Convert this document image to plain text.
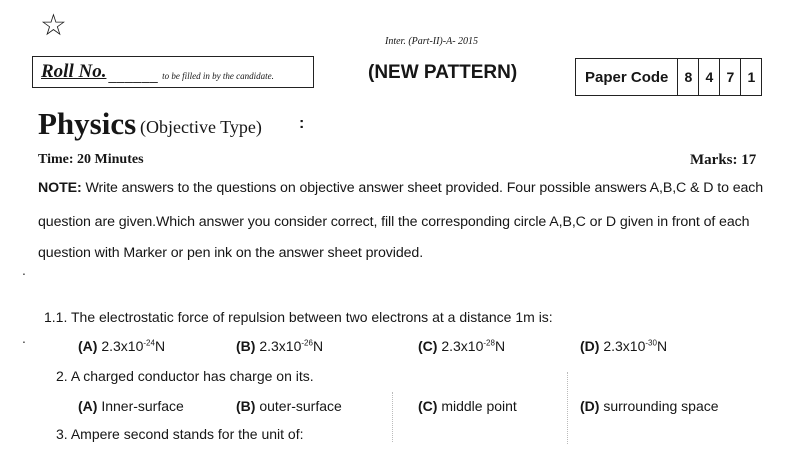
☆	Inter. (Part-II)-A- 2015
Roll No. ______ to be filled in by the candidate.	(NEW PATTERN)	Paper Code	8 4 7 1
Physics (Objective Type) :
Time: 20 Minutes	Marks: 17
NOTE: Write answers to the questions on objective answer sheet provided. Four possible answers A,B,C & D to each
question are given.Which answer you consider correct, fill the corresponding circle A,B,C or D given in front of each
question with Marker or pen ink on the answer sheet provided.
.
.
1.1. The electrostatic force of repulsion between two electrons at a distance 1m is:
(A) $2.3x10^{-24}N$	(B) $2.3x10^{-26}N$	(C) $2.3x10^{-28}N$	(D) $2.3x10^{-30}N$
2. A charged conductor has charge on its.
(A) Inner-surface	(B) outer-surface	(C) middle point	(D) surrounding space
3. Ampere second stands for the unit of:
